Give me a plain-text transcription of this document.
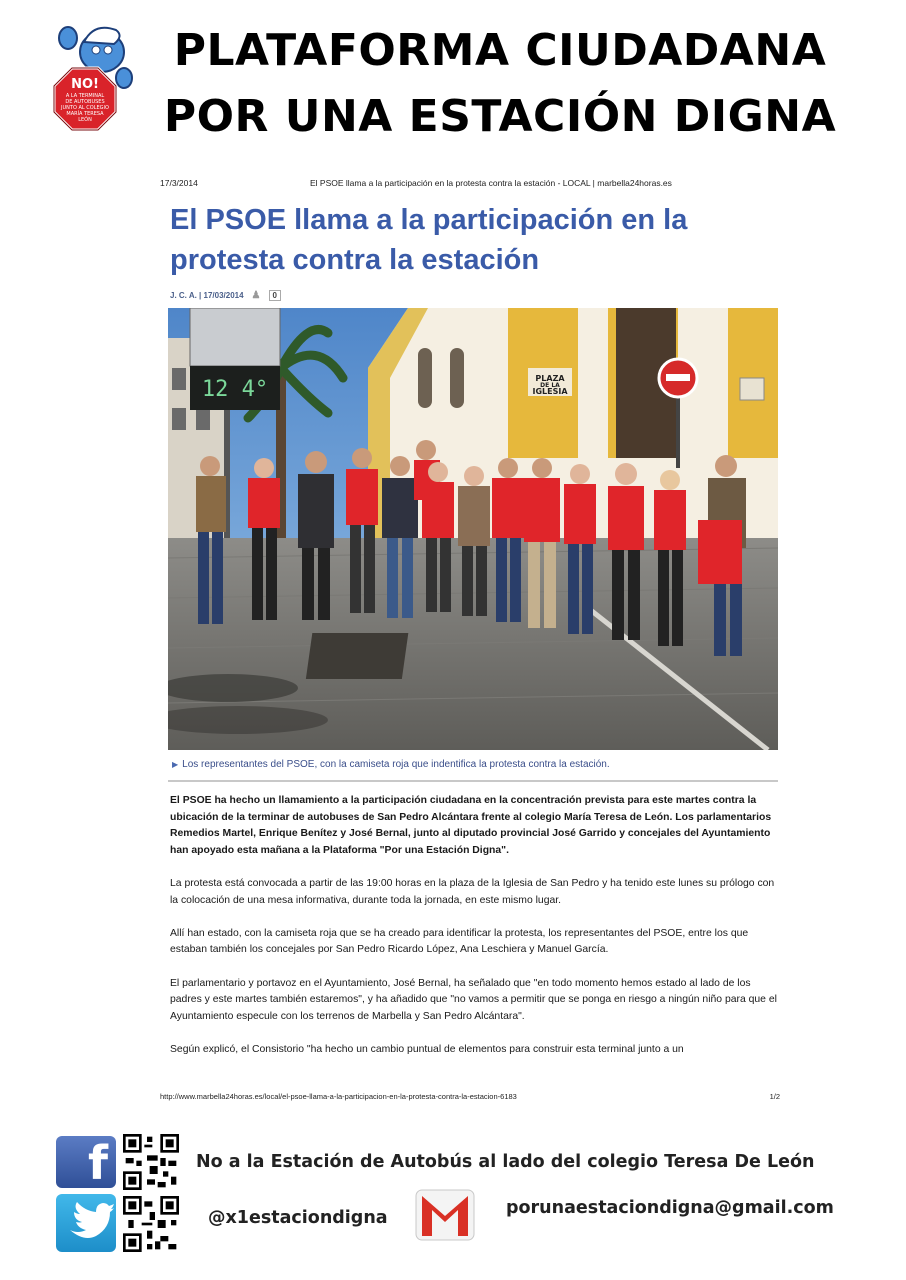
NO!
A LA TERMINAL
DE AUTOBUSES
JUNTO AL COLEGIO
MARÍA TERESA
LEÓN
PLATAFORMA CIUDADANA
POR UNA ESTACIÓN DIGNA
17/3/2014	El PSOE llama a la participación en la protesta contra la estación - LOCAL | marbella24horas.es
El PSOE llama a la participación en la protesta contra la estación
J. C. A. | 17/03/2014 ♟	0
12 4°	PLAZA
DE LA
IGLESIA
▶ Los representantes del PSOE, con la camiseta roja que indentifica la protesta contra la estación.

El PSOE ha hecho un llamamiento a la participación ciudadana en la concentración prevista para este martes contra la ubicación de la terminar de autobuses de San Pedro Alcántara frente al colegio María Teresa de León. Los parlamentarios Remedios Martel, Enrique Benítez y José Bernal, junto al diputado provincial José Garrido y concejales del Ayuntamiento han apoyado esta mañana a la Plataforma "Por una Estación Digna".

La protesta está convocada a partir de las 19:00 horas en la plaza de la Iglesia de San Pedro y ha tenido este lunes su prólogo con la colocación de una mesa informativa, durante toda la jornada, en este mismo lugar.

Allí han estado, con la camiseta roja que se ha creado para identificar la protesta, los representantes del PSOE, entre los que estaban también los concejales por San Pedro Ricardo López, Ana Leschiera y Manuel García.

El parlamentario y portavoz en el Ayuntamiento, José Bernal, ha señalado que "en todo momento hemos estado al lado de los padres y este martes también estaremos", y ha añadido que "no vamos a permitir que se ponga en riesgo a ningún niño para que el Ayuntamiento especule con los terrenos de Marbella y San Pedro Alcántara".

Según explicó, el Consistorio "ha hecho un cambio puntual de elementos para construir esta terminal junto a un

http://www.marbella24horas.es/local/el-psoe-llama-a-la-participacion-en-la-protesta-contra-la-estacion-6183	1/2
f	No a la Estación de Autobús al lado del colegio Teresa De León
@x1estaciondigna	porunaestaciondigna@gmail.com
